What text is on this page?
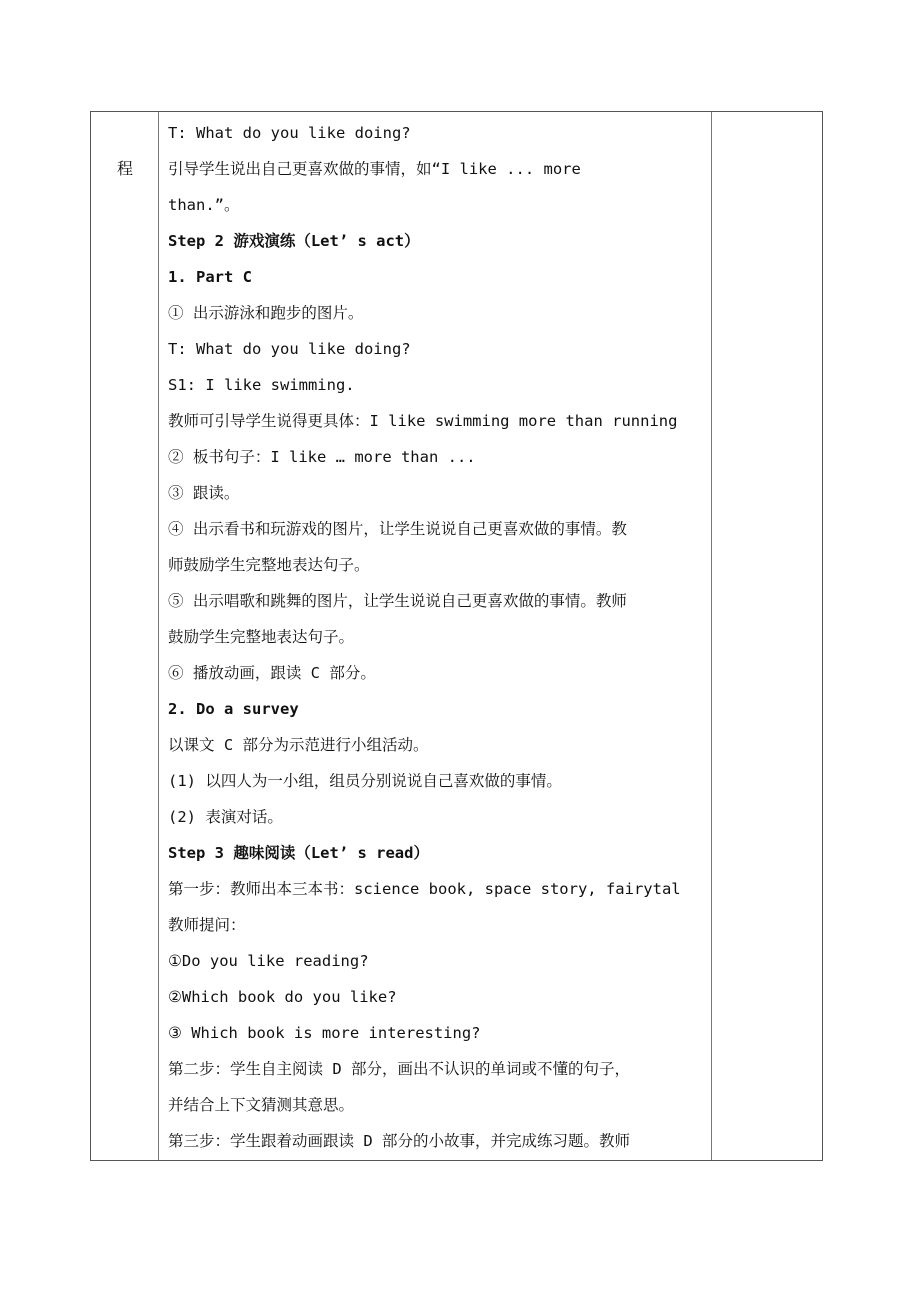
程
T: What do you like doing?
引导学生说出自己更喜欢做的事情，如“I like ... more
than.”。
Step 2 游戏演练（Let’ s act）
1. Part C
① 出示游泳和跑步的图片。
T: What do you like doing?
S1: I like swimming.
教师可引导学生说得更具体：I like swimming more than running
② 板书句子：I like … more than ...
③ 跟读。
④ 出示看书和玩游戏的图片，让学生说说自己更喜欢做的事情。教
师鼓励学生完整地表达句子。
⑤ 出示唱歌和跳舞的图片，让学生说说自己更喜欢做的事情。教师
鼓励学生完整地表达句子。
⑥ 播放动画，跟读 C 部分。
2. Do a survey
以课文 C 部分为示范进行小组活动。
(1) 以四人为一小组，组员分别说说自己喜欢做的事情。
(2) 表演对话。
Step 3 趣味阅读（Let’ s read）
第一步：教师出本三本书：science book, space story, fairytal
教师提问：
①Do you like reading?
②Which book do you like?
③ Which book is more interesting?
第二步：学生自主阅读 D 部分，画出不认识的单词或不懂的句子，
并结合上下文猜测其意思。
第三步：学生跟着动画跟读 D 部分的小故事，并完成练习题。教师
